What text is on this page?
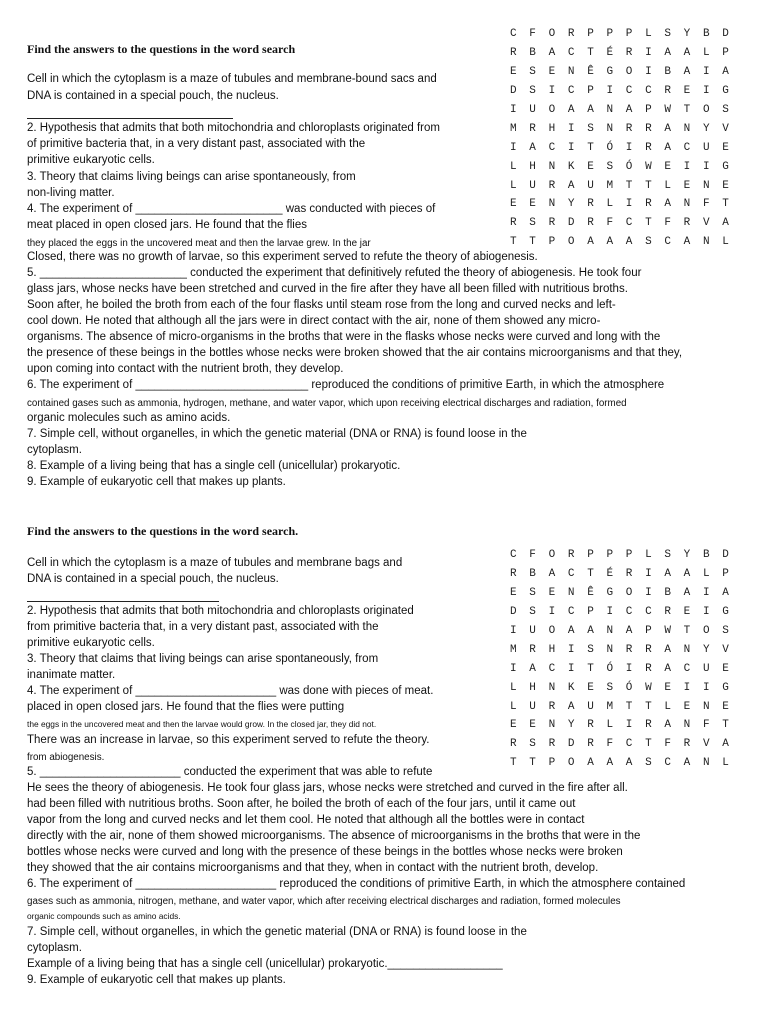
Find the answers to the questions in the word search
Cell in which the cytoplasm is a maze of tubules and membrane-bound sacs and
DNA is contained in a special pouch, the nucleus.
2. Hypothesis that admits that both mitochondria and chloroplasts originated from
of primitive bacteria that, in a very distant past, associated with the
primitive eukaryotic cells.
3. Theory that claims living beings can arise spontaneously, from
non-living matter.
4. The experiment of _______________________ was conducted with pieces of
meat placed in open closed jars. He found that the flies
they placed the eggs in the uncovered meat and then the larvae grew. In the jar
Closed, there was no growth of larvae, so this experiment served to refute the theory of abiogenesis.
5. _______________________ conducted the experiment that definitively refuted the theory of abiogenesis. He took four
glass jars, whose necks have been stretched and curved in the fire after they have all been filled with nutritious broths.
Soon after, he boiled the broth from each of the four flasks until steam rose from the long and curved necks and left-
cool down. He noted that although all the jars were in direct contact with the air, none of them showed any micro-
organisms. The absence of micro-organisms in the broths that were in the flasks whose necks were curved and long with the
the presence of these beings in the bottles whose necks were broken showed that the air contains microorganisms and that they,
upon coming into contact with the nutrient broth, they develop.
6. The experiment of ___________________________ reproduced the conditions of primitive Earth, in which the atmosphere
contained gases such as ammonia, hydrogen, methane, and water vapor, which upon receiving electrical discharges and radiation, formed
organic molecules such as amino acids.
7. Simple cell, without organelles, in which the genetic material (DNA or RNA) is found loose in the
cytoplasm.
8. Example of a living being that has a single cell (unicellular) prokaryotic.
9. Example of eukaryotic cell that makes up plants.
C	F	O	R	P	P	P	L	S	Y	B	D
R	B	A	C	T	É	R	I	A	A	L	P
E	S	E	N	Ê	G	O	I	B	A	I	A
D	S	I	C	P	I	C	C	R	E	I	G
I	U	O	A	A	N	A	P	W	T	O	S
M	R	H	I	S	N	R	R	A	N	Y	V
I	A	C	I	T	Ó	I	R	A	C	U	E
L	H	N	K	E	S	Ó	W	E	I	I	G
L	U	R	A	U	M	T	T	L	E	N	E
E	E	N	Y	R	L	I	R	A	N	F	T
R	S	R	D	R	F	C	T	F	R	V	A
T	T	P	O	A	A	A	S	C	A	N	L
Find the answers to the questions in the word search.
Cell in which the cytoplasm is a maze of tubules and membrane bags and
DNA is contained in a special pouch, the nucleus.
2. Hypothesis that admits that both mitochondria and chloroplasts originated
from primitive bacteria that, in a very distant past, associated with the
primitive eukaryotic cells.
3. Theory that claims that living beings can arise spontaneously, from
inanimate matter.
4. The experiment of ______________________ was done with pieces of meat.
placed in open closed jars. He found that the flies were putting
the eggs in the uncovered meat and then the larvae would grow. In the closed jar, they did not.
There was an increase in larvae, so this experiment served to refute the theory.
from abiogenesis.
5. ______________________ conducted the experiment that was able to refute
He sees the theory of abiogenesis. He took four glass jars, whose necks were stretched and curved in the fire after all.
had been filled with nutritious broths. Soon after, he boiled the broth of each of the four jars, until it came out
vapor from the long and curved necks and let them cool. He noted that although all the bottles were in contact
directly with the air, none of them showed microorganisms. The absence of microorganisms in the broths that were in the
bottles whose necks were curved and long with the presence of these beings in the bottles whose necks were broken
they showed that the air contains microorganisms and that they, when in contact with the nutrient broth, develop.
6. The experiment of ______________________ reproduced the conditions of primitive Earth, in which the atmosphere contained
gases such as ammonia, nitrogen, methane, and water vapor, which after receiving electrical discharges and radiation, formed molecules
organic compounds such as amino acids.
7. Simple cell, without organelles, in which the genetic material (DNA or RNA) is found loose in the
cytoplasm.
Example of a living being that has a single cell (unicellular) prokaryotic.__________________
9. Example of eukaryotic cell that makes up plants.
C	F	O	R	P	P	P	L	S	Y	B	D
R	B	A	C	T	É	R	I	A	A	L	P
E	S	E	N	Ê	G	O	I	B	A	I	A
D	S	I	C	P	I	C	C	R	E	I	G
I	U	O	A	A	N	A	P	W	T	O	S
M	R	H	I	S	N	R	R	A	N	Y	V
I	A	C	I	T	Ó	I	R	A	C	U	E
L	H	N	K	E	S	Ó	W	E	I	I	G
L	U	R	A	U	M	T	T	L	E	N	E
E	E	N	Y	R	L	I	R	A	N	F	T
R	S	R	D	R	F	C	T	F	R	V	A
T	T	P	O	A	A	A	S	C	A	N	L
